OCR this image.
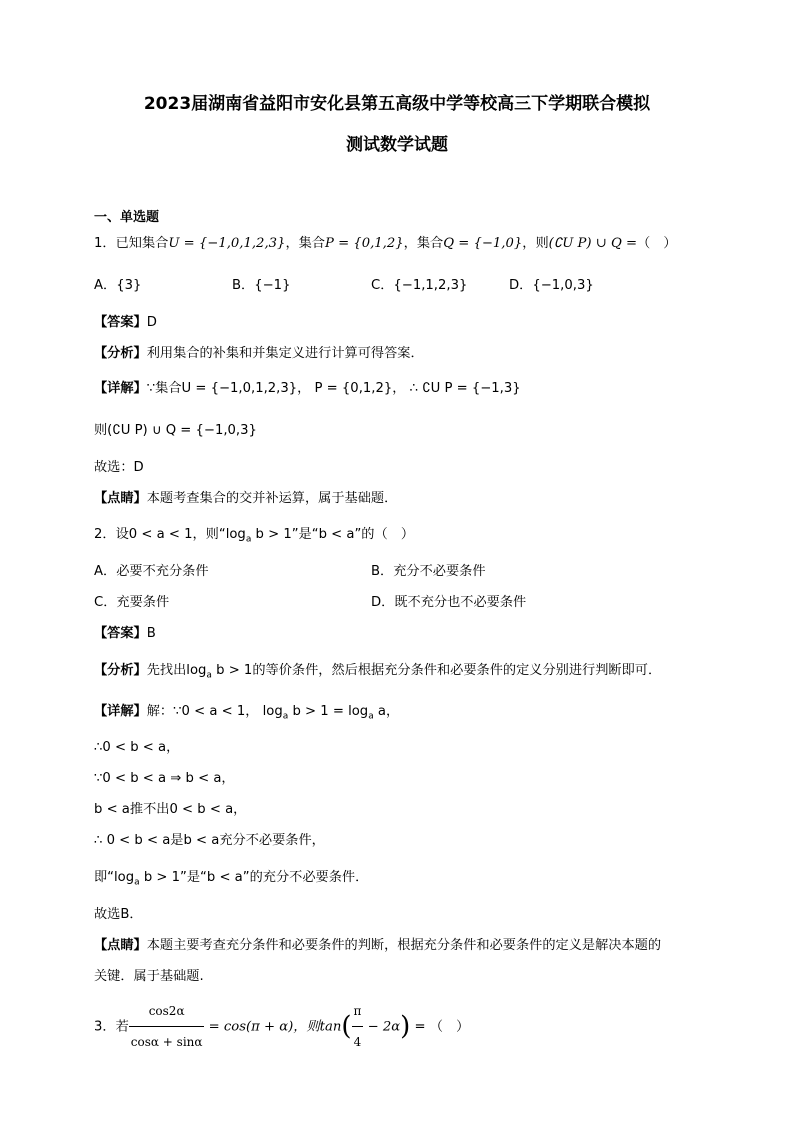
2023届湖南省益阳市安化县第五高级中学等校高三下学期联合模拟
测试数学试题
一、单选题
1．已知集合U = {−1,0,1,2,3}，集合P = {0,1,2}，集合Q = {−1,0}，则(∁U P) ∪ Q =（　）
A．{3}	B．{−1}	C．{−1,1,2,3}	D．{−1,0,3}
【答案】D
【分析】利用集合的补集和并集定义进行计算可得答案．
【详解】∵集合U = {−1,0,1,2,3}， P = {0,1,2}， ∴ ∁U P = {−1,3}
则(∁U P) ∪ Q = {−1,0,3}
故选：D
【点睛】本题考查集合的交并补运算，属于基础题．
2．设0 < a < 1，则“$\log_a$ b > 1”是“b < a”的（　）
A．必要不充分条件	B．充分不必要条件
C．充要条件	D．既不充分也不必要条件
【答案】B
【分析】先找出$\log_a b > 1$的等价条件，然后根据充分条件和必要条件的定义分别进行判断即可．
【详解】解：∵0 < a < 1， $\log_a b > 1 = \log_a a$，
∴0 < b < a，
∵0 < b < a ⇒ b < a，
b < a推不出0 < b < a，
∴ 0 < b < a是b < a充分不必要条件，
即“$\log_a$ b > 1”是“b < a”的充分不必要条件．
故选B．
【点睛】本题主要考查充分条件和必要条件的判断，根据充分条件和必要条件的定义是解决本题的
关键．属于基础题.
3．若 $\frac{\cos 2\alpha}{\cos\alpha + \sin\alpha} = \cos(\pi + \alpha)$，则$\tan( \frac{\pi}{4} - 2\alpha)$ = （　）
